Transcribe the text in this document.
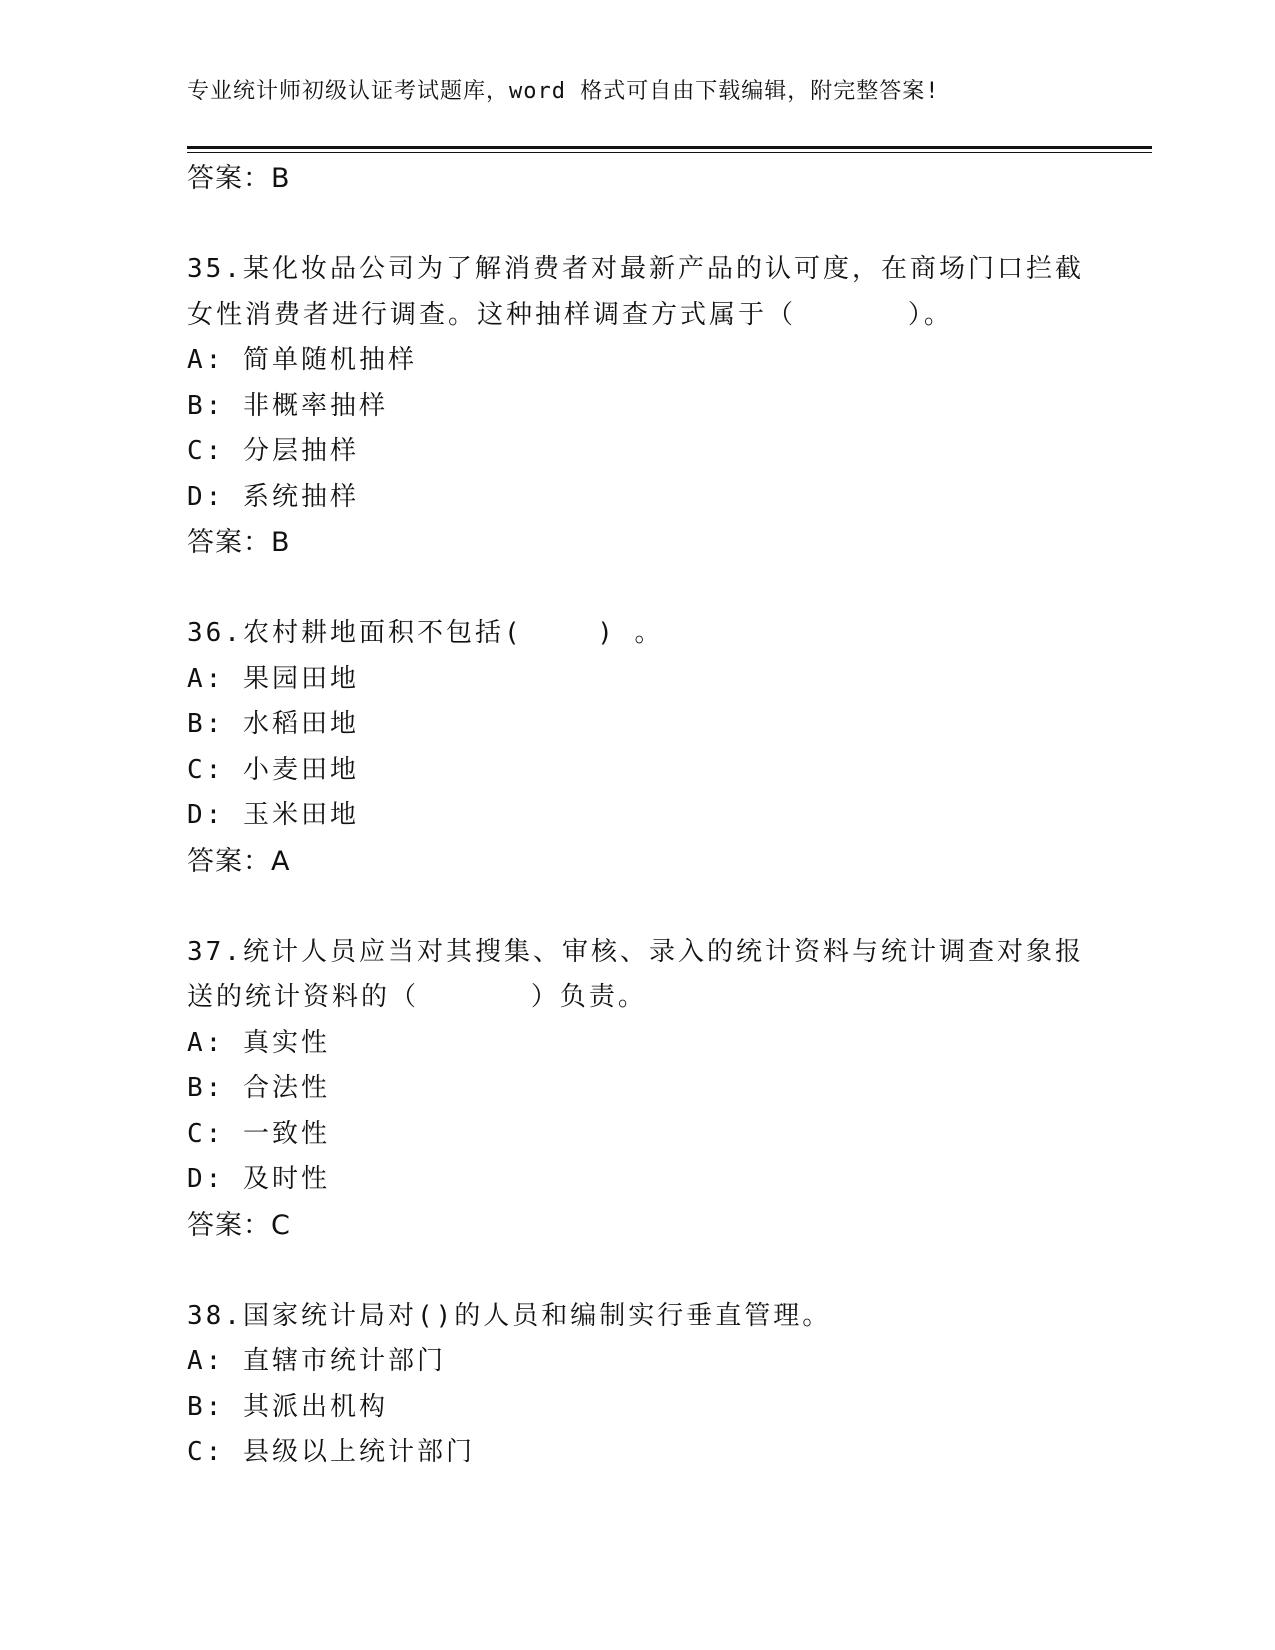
专业统计师初级认证考试题库，word 格式可自由下载编辑，附完整答案!
答案：B
35.某化妆品公司为了解消费者对最新产品的认可度，在商场门口拦截女性消费者进行调查。这种抽样调查方式属于（      ）。
A: 简单随机抽样
B: 非概率抽样
C: 分层抽样
D: 系统抽样
答案：B
36.农村耕地面积不包括(    ) 。
A: 果园田地
B: 水稻田地
C: 小麦田地
D: 玉米田地
答案：A
37.统计人员应当对其搜集、审核、录入的统计资料与统计调查对象报送的统计资料的（      ）负责。
A: 真实性
B: 合法性
C: 一致性
D: 及时性
答案：C
38.国家统计局对()的人员和编制实行垂直管理。
A: 直辖市统计部门
B: 其派出机构
C: 县级以上统计部门
